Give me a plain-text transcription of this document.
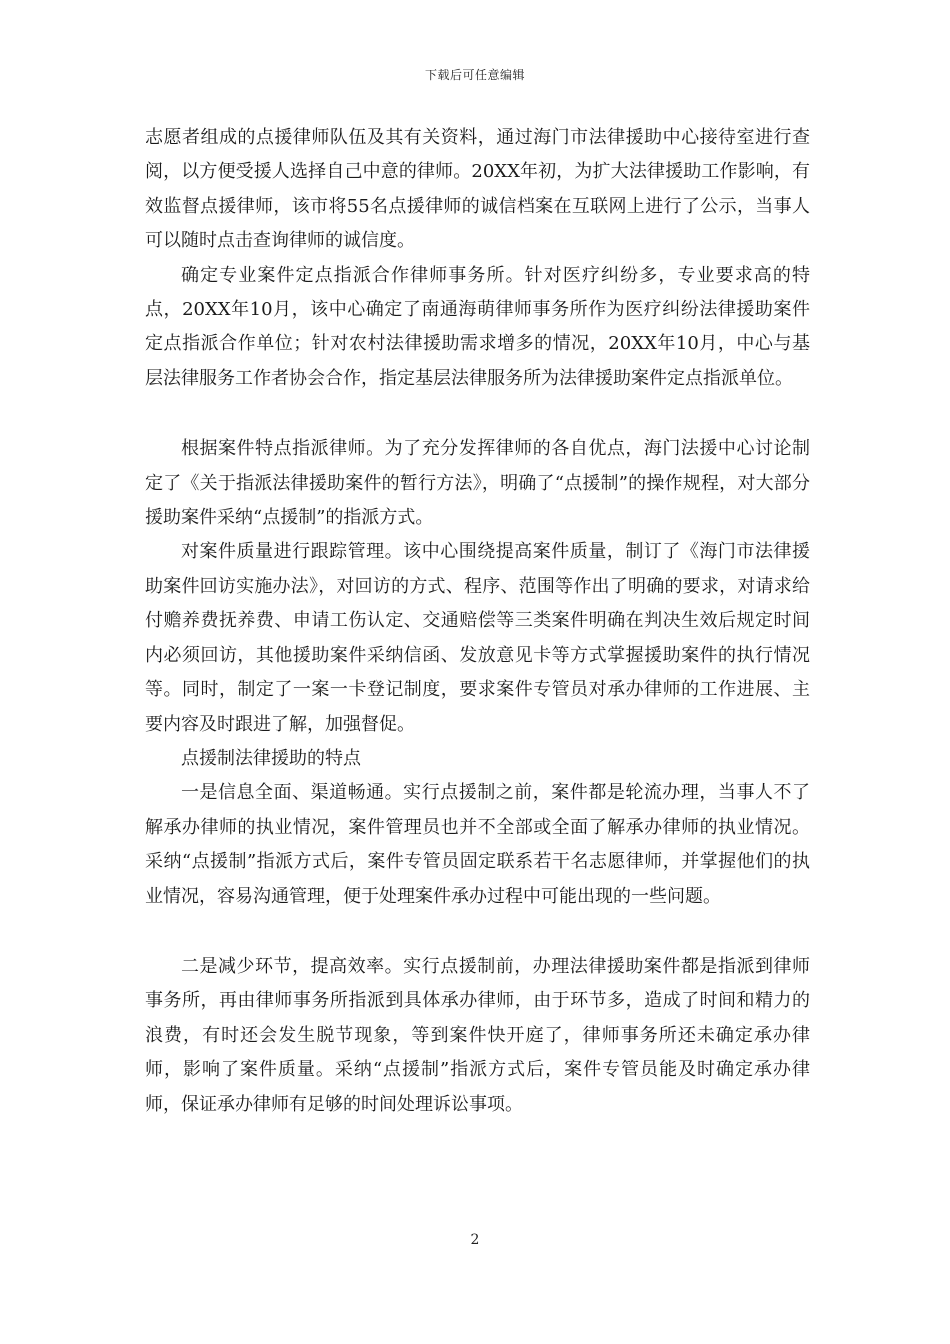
下载后可任意编辑

志愿者组成的点援律师队伍及其有关资料，通过海门市法律援助中心接待室进行查阅，以方便受援人选择自己中意的律师。20XX年初，为扩大法律援助工作影响，有效监督点援律师，该市将55名点援律师的诚信档案在互联网上进行了公示，当事人可以随时点击查询律师的诚信度。

确定专业案件定点指派合作律师事务所。针对医疗纠纷多，专业要求高的特点，20XX年10月，该中心确定了南通海萌律师事务所作为医疗纠纷法律援助案件定点指派合作单位；针对农村法律援助需求增多的情况，20XX年10月，中心与基层法律服务工作者协会合作，指定基层法律服务所为法律援助案件定点指派单位。

根据案件特点指派律师。为了充分发挥律师的各自优点，海门法援中心讨论制定了《关于指派法律援助案件的暂行方法》，明确了“点援制”的操作规程，对大部分援助案件采纳“点援制”的指派方式。

对案件质量进行跟踪管理。该中心围绕提高案件质量，制订了《海门市法律援助案件回访实施办法》，对回访的方式、程序、范围等作出了明确的要求，对请求给付赡养费抚养费、申请工伤认定、交通赔偿等三类案件明确在判决生效后规定时间内必须回访，其他援助案件采纳信函、发放意见卡等方式掌握援助案件的执行情况等。同时，制定了一案一卡登记制度，要求案件专管员对承办律师的工作进展、主要内容及时跟进了解，加强督促。

点援制法律援助的特点

一是信息全面、渠道畅通。实行点援制之前，案件都是轮流办理，当事人不了解承办律师的执业情况，案件管理员也并不全部或全面了解承办律师的执业情况。采纳“点援制”指派方式后，案件专管员固定联系若干名志愿律师，并掌握他们的执业情况，容易沟通管理，便于处理案件承办过程中可能出现的一些问题。

二是减少环节，提高效率。实行点援制前，办理法律援助案件都是指派到律师事务所，再由律师事务所指派到具体承办律师，由于环节多，造成了时间和精力的浪费，有时还会发生脱节现象，等到案件快开庭了，律师事务所还未确定承办律师，影响了案件质量。采纳“点援制”指派方式后，案件专管员能及时确定承办律师，保证承办律师有足够的时间处理诉讼事项。

2
